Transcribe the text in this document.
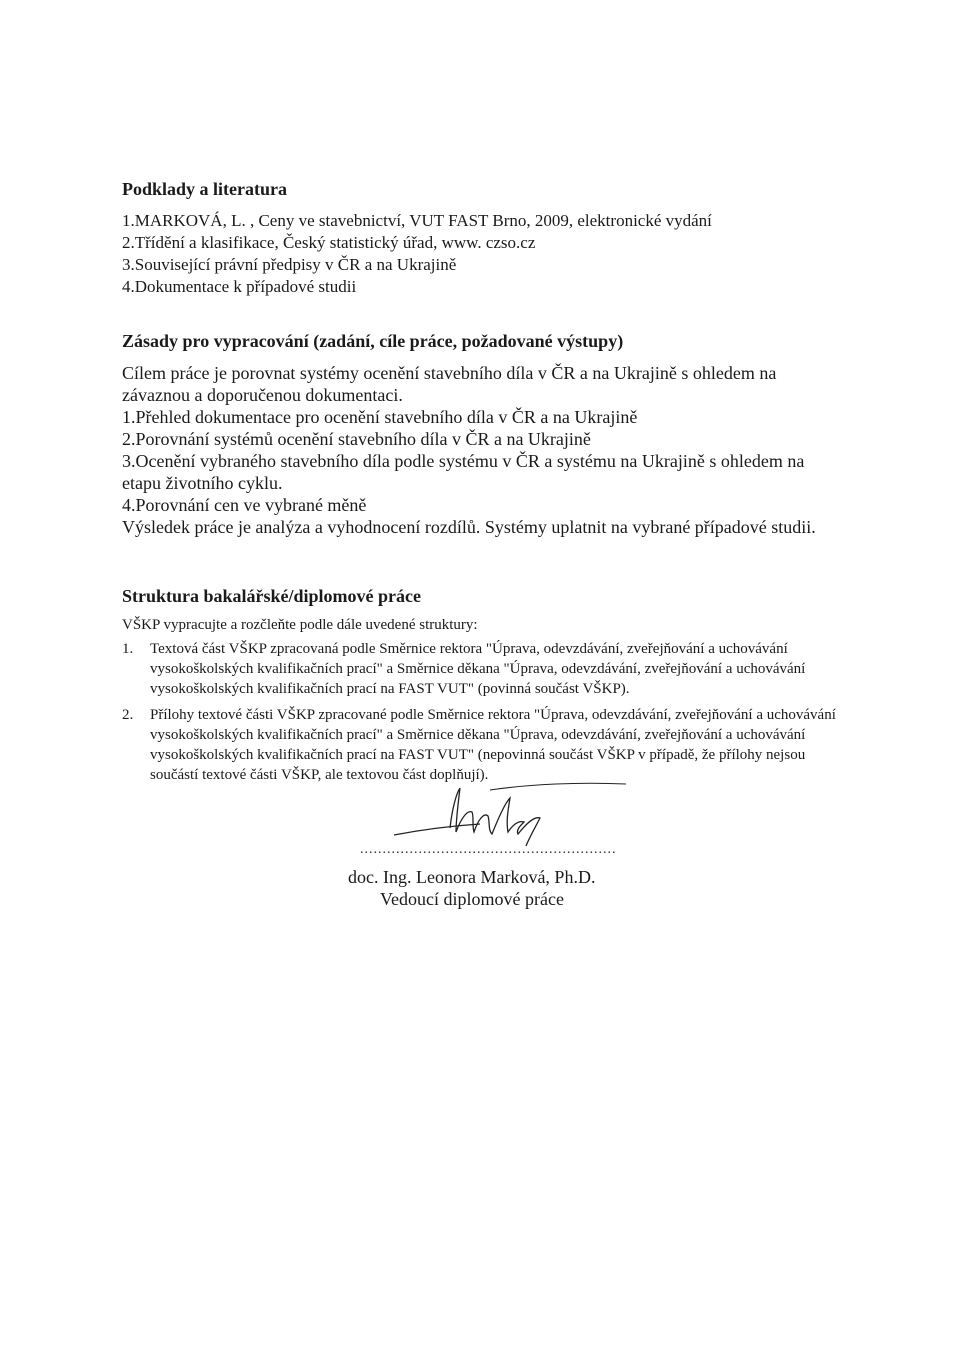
Podklady a literatura
1.MARKOVÁ, L. , Ceny ve stavebnictví, VUT FAST Brno, 2009, elektronické vydání
2.Třídění a klasifikace, Český statistický úřad, www. czso.cz
3.Související právní předpisy v ČR a na Ukrajině
4.Dokumentace k případové studii
Zásady pro vypracování (zadání, cíle práce, požadované výstupy)

Cílem práce je porovnat systémy ocenění stavebního díla v ČR a na Ukrajině s ohledem na závaznou a doporučenou dokumentaci.

1.Přehled dokumentace pro ocenění stavebního díla v ČR a na Ukrajině
2.Porovnání systémů ocenění stavebního díla v ČR a na Ukrajině
3.Ocenění vybraného stavebního díla podle systému v ČR a systému na Ukrajině s ohledem na etapu životního cyklu.
4.Porovnání cen ve vybrané měně

Výsledek práce je analýza a vyhodnocení rozdílů. Systémy uplatnit na vybrané případové studii.

Struktura bakalářské/diplomové práce

VŠKP vypracujte a rozčleňte podle dále uvedené struktury:

1. Textová část VŠKP zpracovaná podle Směrnice rektora "Úprava, odevzdávání, zveřejňování a uchovávání vysokoškolských kvalifikačních prací" a Směrnice děkana "Úprava, odevzdávání, zveřejňování a uchovávání vysokoškolských kvalifikačních prací na FAST VUT" (povinná součást VŠKP).
2. Přílohy textové části VŠKP zpracované podle Směrnice rektora "Úprava, odevzdávání, zveřejňování a uchovávání vysokoškolských kvalifikačních prací" a Směrnice děkana "Úprava, odevzdávání, zveřejňování a uchovávání vysokoškolských kvalifikačních prací na FAST VUT" (nepovinná součást VŠKP v případě, že přílohy nejsou součástí textové části VŠKP, ale textovou část doplňují).
.........................................................
doc. Ing. Leonora Marková, Ph.D.
Vedoucí diplomové práce
